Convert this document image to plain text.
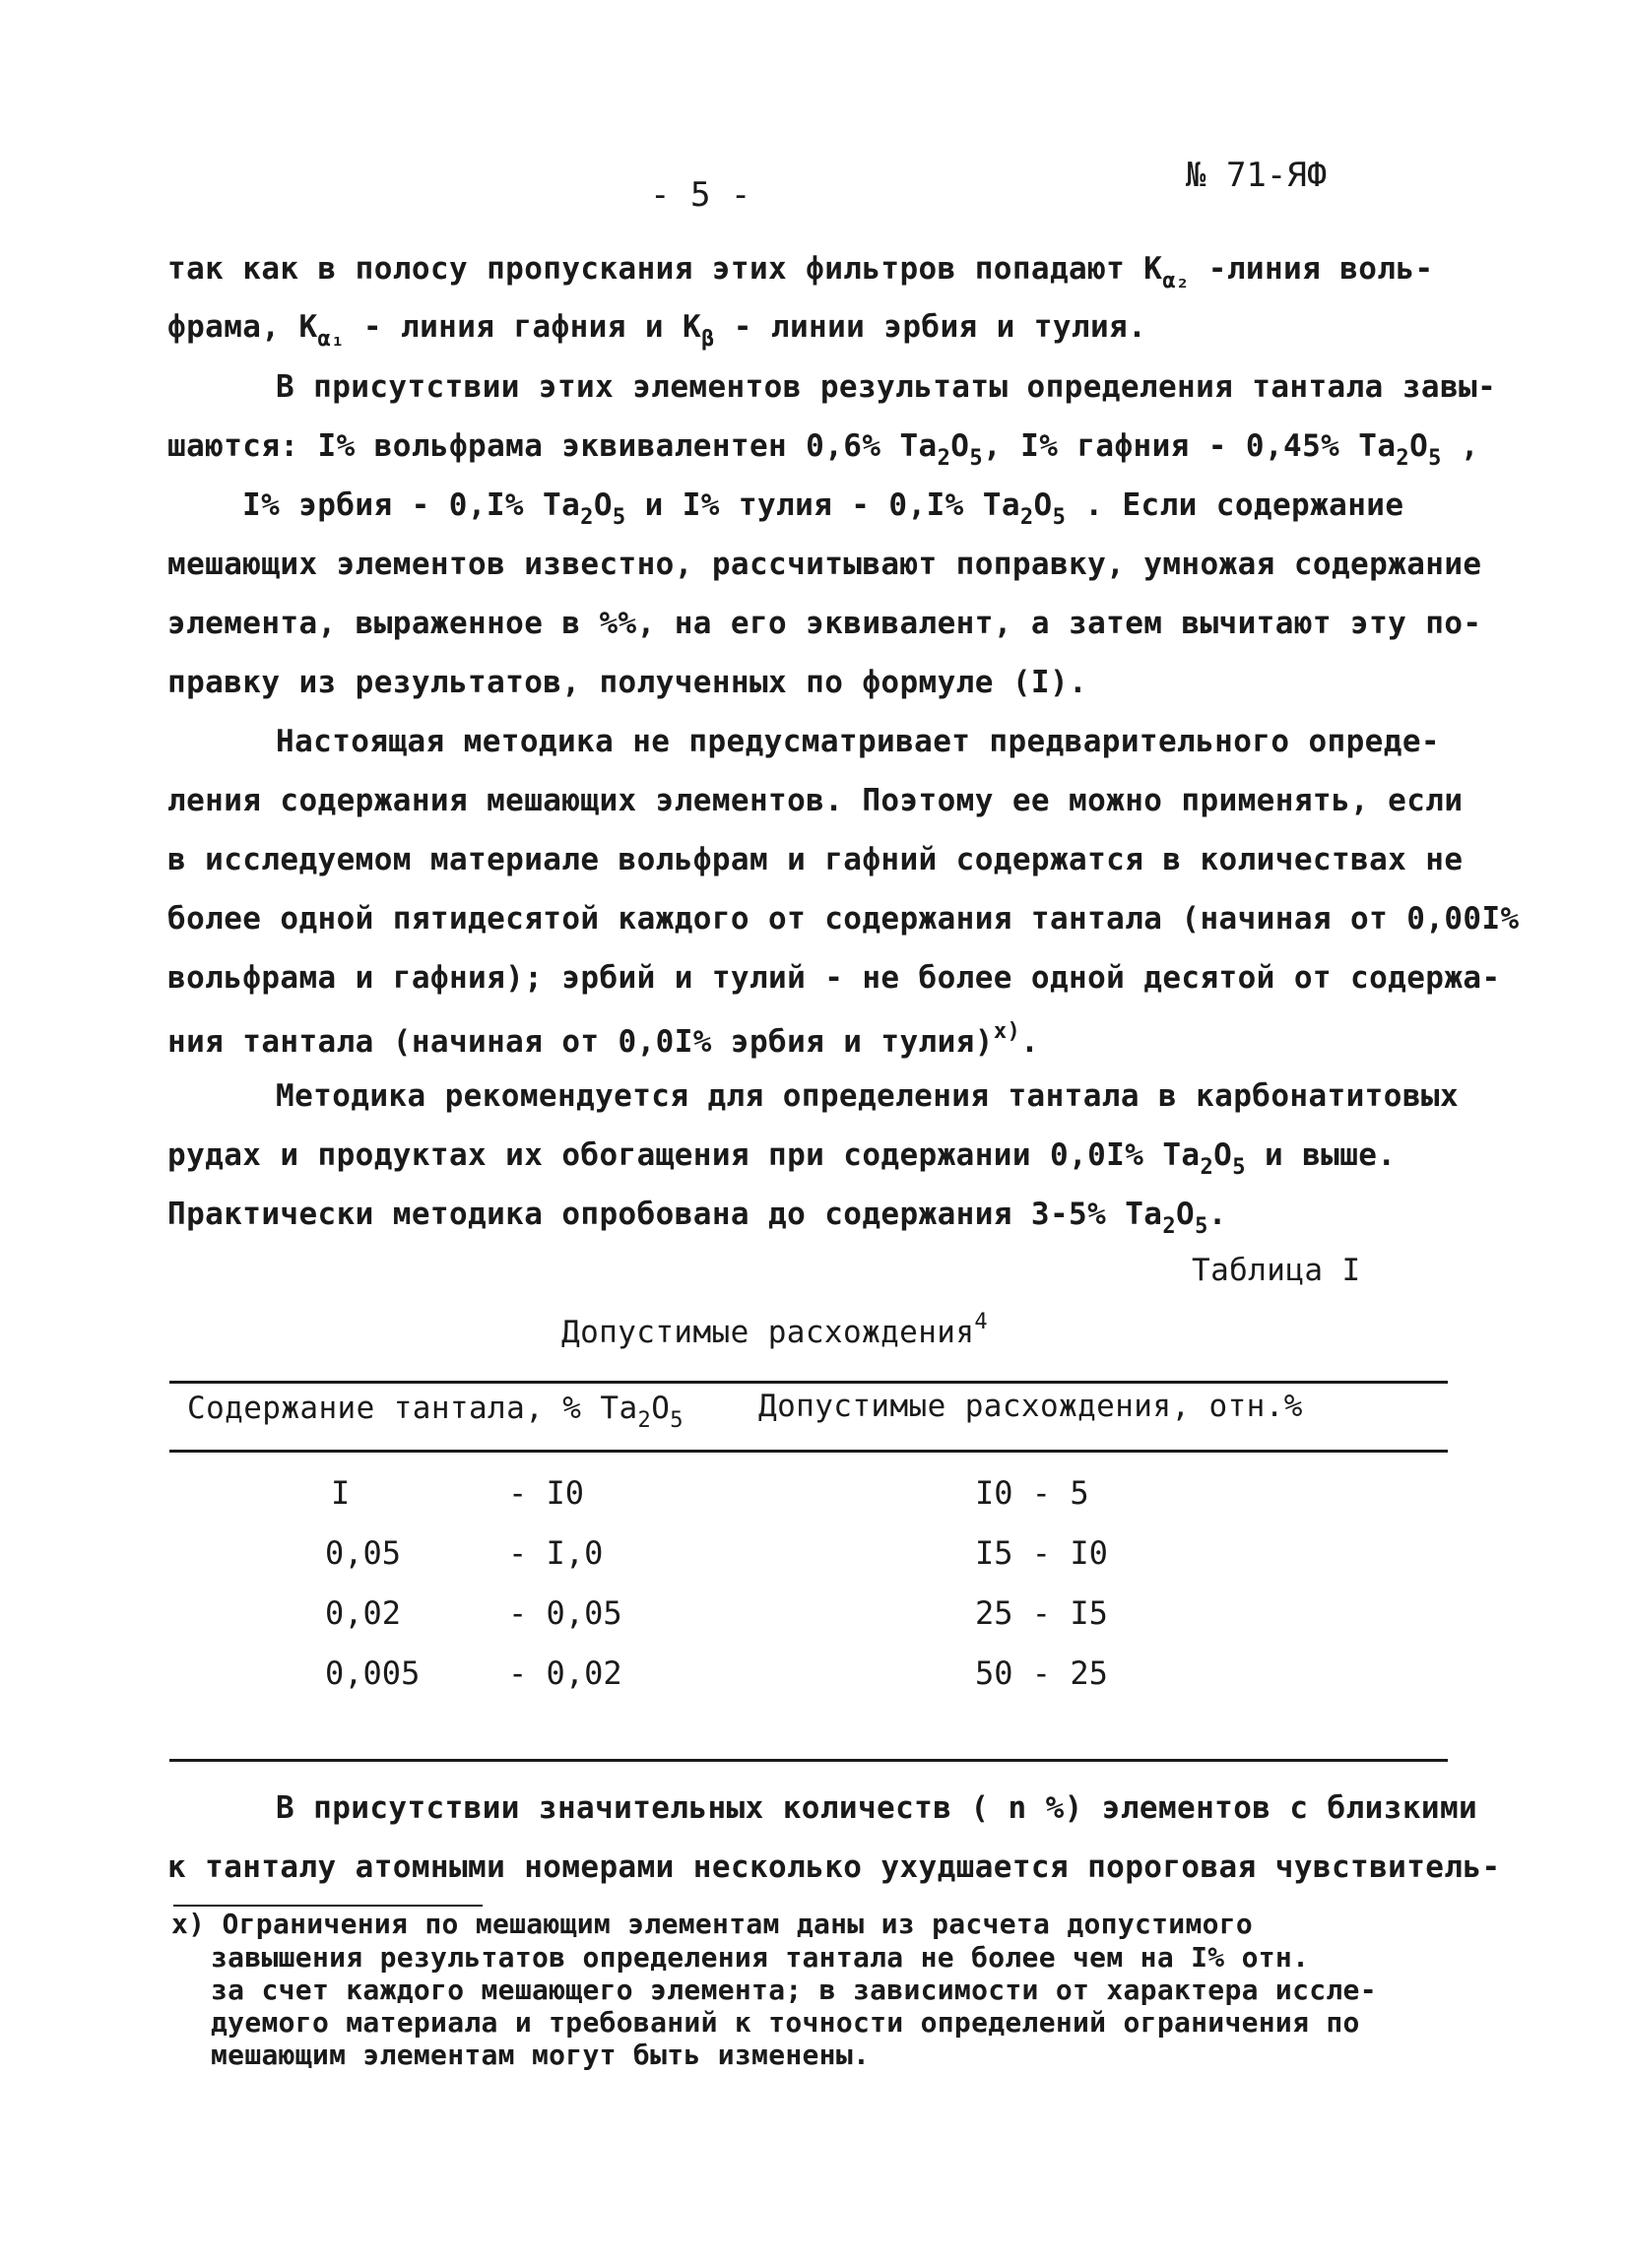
- 5 -	№ 71-ЯФ
так как в полосу пропускания этих фильтров попадают $К_{\alpha_2}$ -линия воль-
фрама, $К_{\alpha_1}$ - линия гафния и $К_\beta$ - линии эрбия и тулия.
В присутствии этих элементов результаты определения тантала завы-
шаются: I% вольфрама эквивалентен 0,6% $Ta_2O_5$, I% гафния - 0,45% $Ta_2O_5$ ,
I% эрбия - 0,I% $Ta_2O_5$ и I% тулия - 0,I% $Ta_2O_5$ . Если содержание
мешающих элементов известно, рассчитывают поправку, умножая содержание
элемента, выраженное в %%, на его эквивалент, а затем вычитают эту по-
правку из результатов, полученных по формуле (I).
Настоящая методика не предусматривает предварительного опреде-
ления содержания мешающих элементов. Поэтому ее можно применять, если
в исследуемом материале вольфрам и гафний содержатся в количествах не
более одной пятидесятой каждого от содержания тантала (начиная от 0,00I%
вольфрама и гафния); эрбий и тулий - не более одной десятой от содержа-
ния тантала (начиная от 0,0I% эрбия и тулия)$^{x)}$.
Методика рекомендуется для определения тантала в карбонатитовых
рудах и продуктах их обогащения при содержании 0,0I% $Ta_2O_5$ и выше.
Практически методика опробована до содержания 3-5% $Ta_2O_5$.
Таблица I
Допустимые расхождения$^4$
Содержание тантала, % $Ta_2O_5$ Допустимые расхождения, отн.%
I	- I0	I0 - 5
0,05	- I,0	I5 - I0
0,02	- 0,05	25 - I5
0,005	- 0,02	50 - 25
В присутствии значительных количеств ( n %) элементов с близкими
к танталу атомными номерами несколько ухудшается пороговая чувствитель-
x) Ограничения по мешающим элементам даны из расчета допустимого
завышения результатов определения тантала не более чем на I% отн.
за счет каждого мешающего элемента; в зависимости от характера иссле-
дуемого материала и требований к точности определений ограничения по
мешающим элементам могут быть изменены.
